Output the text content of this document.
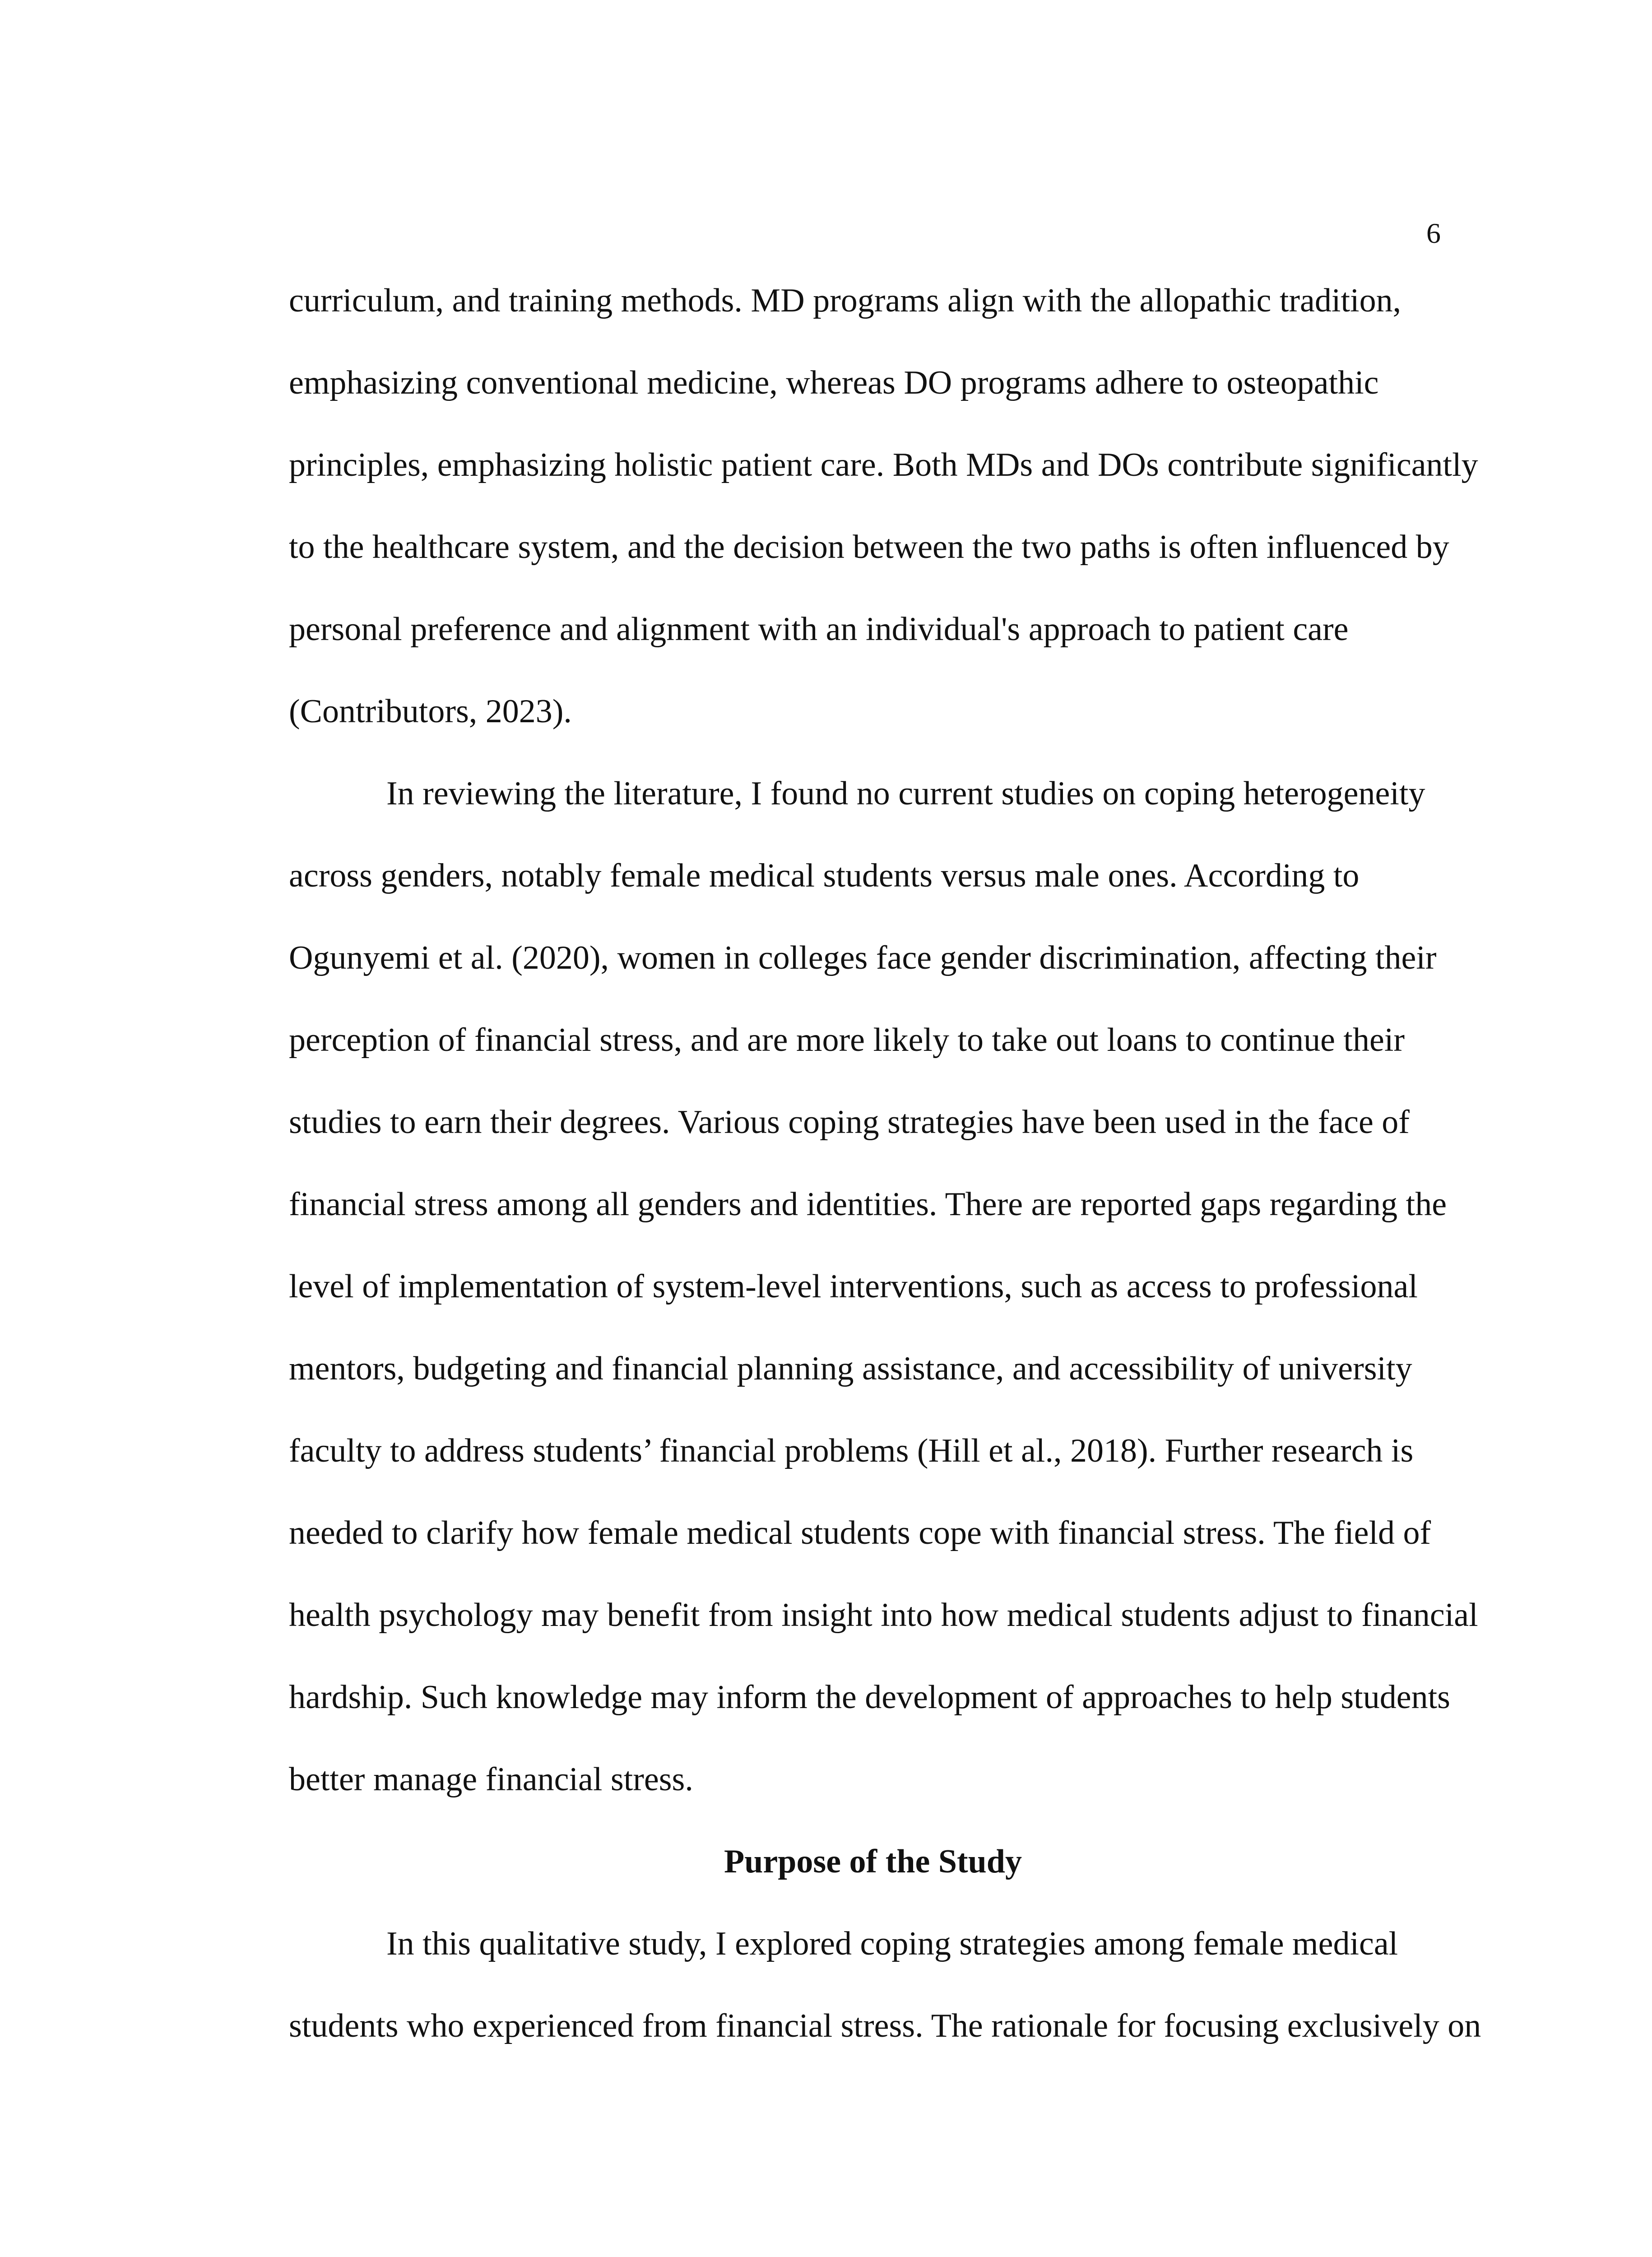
6
curriculum, and training methods. MD programs align with the allopathic tradition,
emphasizing conventional medicine, whereas DO programs adhere to osteopathic
principles, emphasizing holistic patient care. Both MDs and DOs contribute significantly
to the healthcare system, and the decision between the two paths is often influenced by
personal preference and alignment with an individual's approach to patient care
(Contributors, 2023).
In reviewing the literature, I found no current studies on coping heterogeneity
across genders, notably female medical students versus male ones. According to
Ogunyemi et al. (2020), women in colleges face gender discrimination, affecting their
perception of financial stress, and are more likely to take out loans to continue their
studies to earn their degrees. Various coping strategies have been used in the face of
financial stress among all genders and identities. There are reported gaps regarding the
level of implementation of system-level interventions, such as access to professional
mentors, budgeting and financial planning assistance, and accessibility of university
faculty to address students’ financial problems (Hill et al., 2018). Further research is
needed to clarify how female medical students cope with financial stress. The field of
health psychology may benefit from insight into how medical students adjust to financial
hardship. Such knowledge may inform the development of approaches to help students
better manage financial stress.
Purpose of the Study
In this qualitative study, I explored coping strategies among female medical
students who experienced from financial stress. The rationale for focusing exclusively on
